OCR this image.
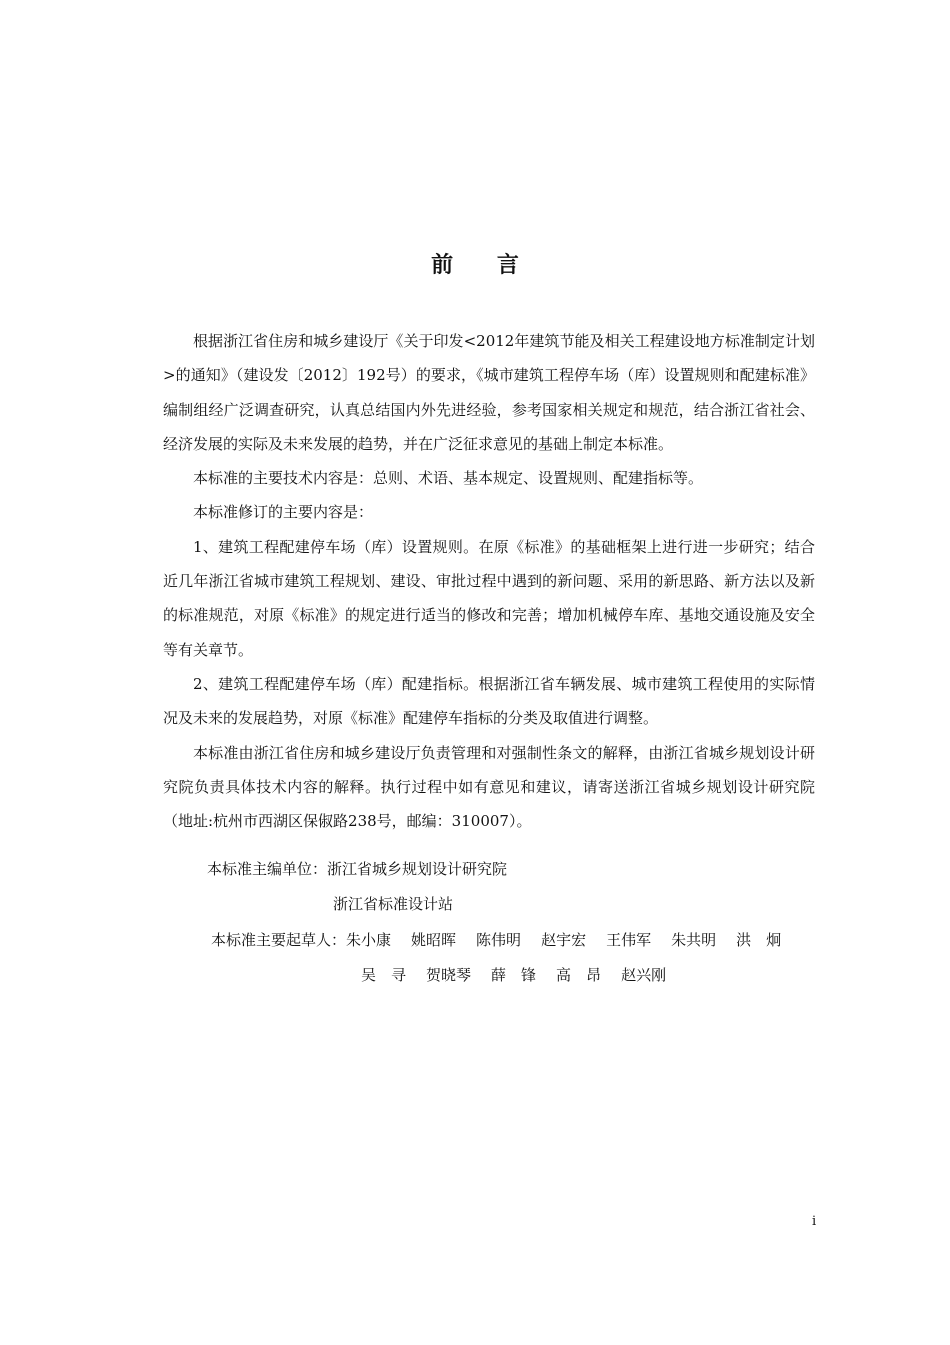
前 言

根据浙江省住房和城乡建设厅《关于印发<2012年建筑节能及相关工程建设地方标准制定计划>的通知》（建设发〔2012〕192号）的要求，《城市建筑工程停车场（库）设置规则和配建标准》编制组经广泛调查研究，认真总结国内外先进经验，参考国家相关规定和规范，结合浙江省社会、经济发展的实际及未来发展的趋势，并在广泛征求意见的基础上制定本标准。

本标准的主要技术内容是：总则、术语、基本规定、设置规则、配建指标等。

本标准修订的主要内容是：

1、建筑工程配建停车场（库）设置规则。在原《标准》的基础框架上进行进一步研究；结合近几年浙江省城市建筑工程规划、建设、审批过程中遇到的新问题、采用的新思路、新方法以及新的标准规范，对原《标准》的规定进行适当的修改和完善；增加机械停车库、基地交通设施及安全等有关章节。

2、建筑工程配建停车场（库）配建指标。根据浙江省车辆发展、城市建筑工程使用的实际情况及未来的发展趋势，对原《标准》配建停车指标的分类及取值进行调整。

本标准由浙江省住房和城乡建设厅负责管理和对强制性条文的解释，由浙江省城乡规划设计研究院负责具体技术内容的解释。执行过程中如有意见和建议，请寄送浙江省城乡规划设计研究院（地址:杭州市西湖区保俶路238号，邮编：310007）。

本标准主编单位：浙江省城乡规划设计研究院
浙江省标准设计站
本标准主要起草人：朱小康 姚昭晖 陈伟明 赵宇宏 王伟军 朱共明 洪　炯
吴　寻 贺晓琴 薛　锋 高　昂 赵兴刚
i
